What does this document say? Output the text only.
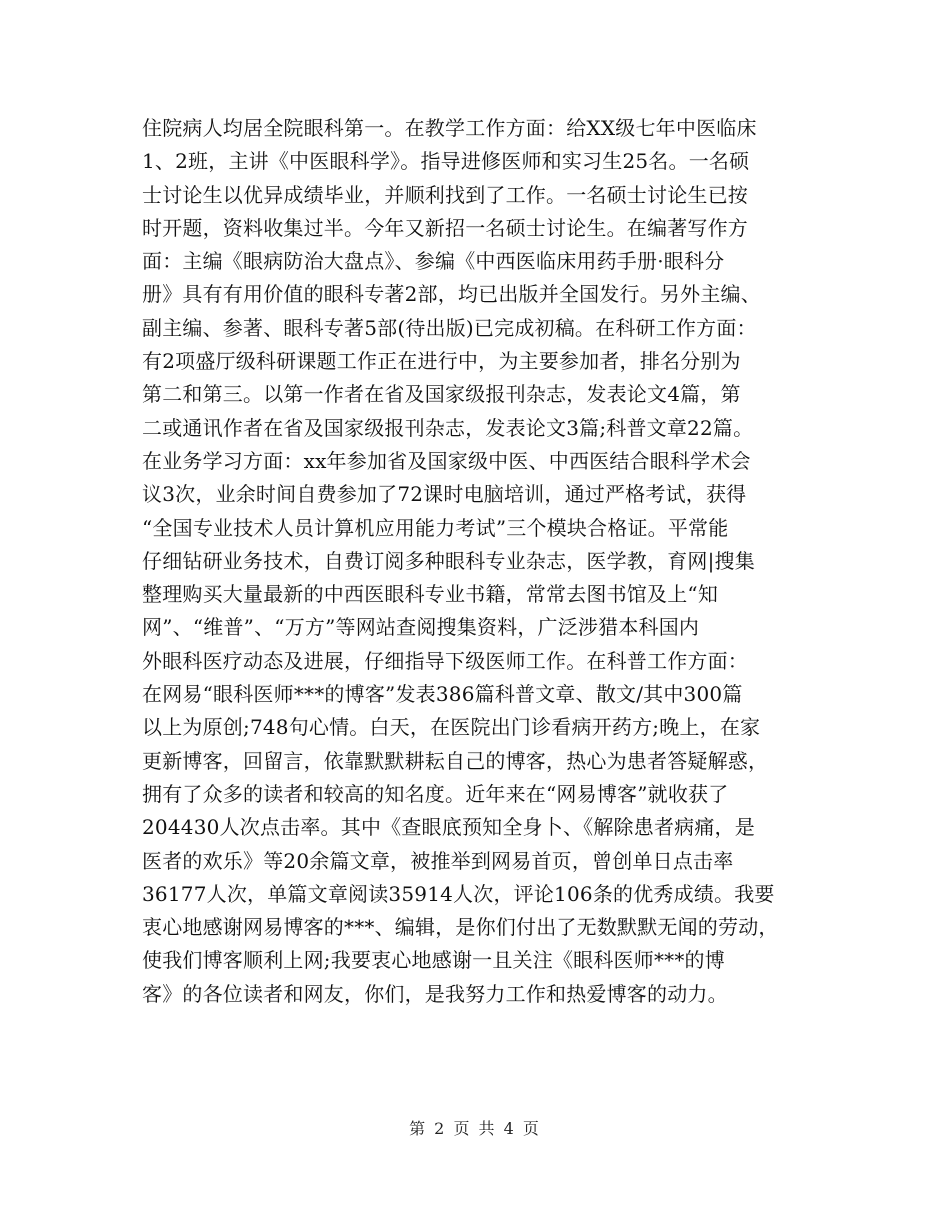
住院病人均居全院眼科第一。在教学工作方面：给XX级七年中医临床
1、2班，主讲《中医眼科学》。指导进修医师和实习生25名。一名硕
士讨论生以优异成绩毕业，并顺利找到了工作。一名硕士讨论生已按
时开题，资料收集过半。今年又新招一名硕士讨论生。在编著写作方
面：主编《眼病防治大盘点》、参编《中西医临床用药手册·眼科分
册》具有有用价值的眼科专著2部，均已出版并全国发行。另外主编、
副主编、参著、眼科专著5部(待出版)已完成初稿。在科研工作方面：
有2项盛厅级科研课题工作正在进行中，为主要参加者，排名分别为
第二和第三。以第一作者在省及国家级报刊杂志，发表论文4篇，第
二或通讯作者在省及国家级报刊杂志，发表论文3篇;科普文章22篇。
在业务学习方面：xx年参加省及国家级中医、中西医结合眼科学术会
议3次，业余时间自费参加了72课时电脑培训，通过严格考试，获得
“全国专业技术人员计算机应用能力考试”三个模块合格证。平常能
仔细钻研业务技术，自费订阅多种眼科专业杂志，医学教，育网|搜集
整理购买大量最新的中西医眼科专业书籍，常常去图书馆及上“知
网”、“维普”、“万方”等网站查阅搜集资料，广泛涉猎本科国内
外眼科医疗动态及进展，仔细指导下级医师工作。在科普工作方面：
在网易“眼科医师***的博客”发表386篇科普文章、散文/其中300篇
以上为原创;748句心情。白天，在医院出门诊看病开药方;晚上，在家
更新博客，回留言，依靠默默耕耘自己的博客，热心为患者答疑解惑，
拥有了众多的读者和较高的知名度。近年来在“网易博客”就收获了
204430人次点击率。其中《查眼底预知全身卜、《解除患者病痛，是
医者的欢乐》等20余篇文章，被推举到网易首页，曾创单日点击率
36177人次，单篇文章阅读35914人次，评论106条的优秀成绩。我要
衷心地感谢网易博客的***、编辑，是你们付出了无数默默无闻的劳动，
使我们博客顺利上网;我要衷心地感谢一且关注《眼科医师***的博
客》的各位读者和网友，你们，是我努力工作和热爱博客的动力。
第 2 页 共 4 页
